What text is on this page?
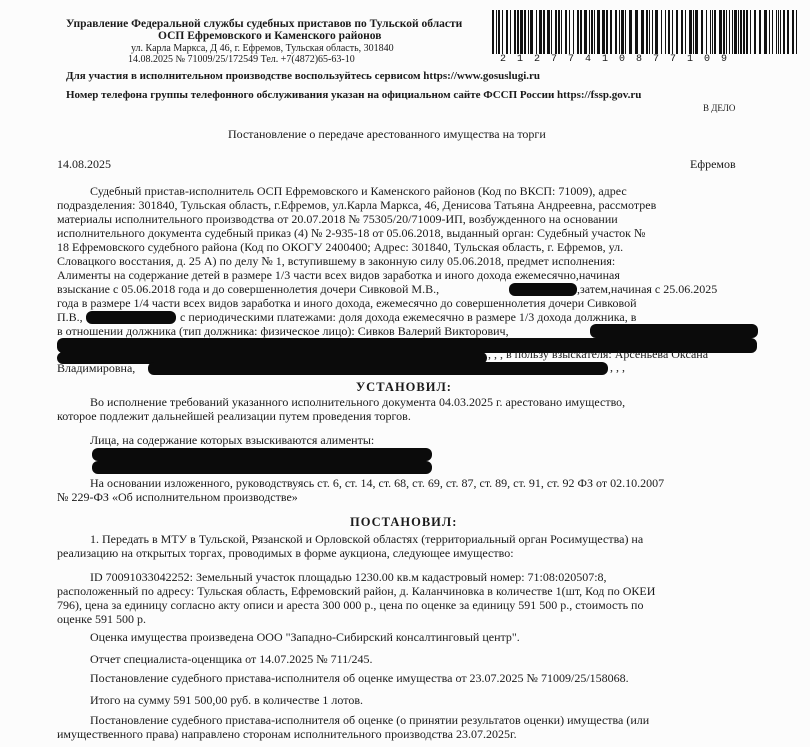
Управление Федеральной службы судебных приставов по Тульской области
ОСП Ефремовского и Каменского районов
ул. Карла Маркса, Д 46, г. Ефремов, Тульская область, 301840
14.08.2025 № 71009/25/172549 Тел. +7(4872)65-63-10	21277410877109
Для участия в исполнительном производстве воспользуйтесь сервисом https://www.gosuslugi.ru
Номер телефона группы телефонного обслуживания указан на официальном сайте ФССП России https://fssp.gov.ru
В ДЕЛО
Постановление о передаче арестованного имущества на торги
14.08.2025	Ефремов
Судебный пристав-исполнитель ОСП Ефремовского и Каменского районов (Код по ВКСП: 71009), адрес
подразделения: 301840, Тульская область, г.Ефремов, ул.Карла Маркса, 46, Денисова Татьяна Андреевна, рассмотрев
материалы исполнительного производства от 20.07.2018 № 75305/20/71009-ИП, возбужденного на основании
исполнительного документа судебный приказ (4) № 2-935-18 от 05.06.2018, выданный орган: Судебный участок №
18 Ефремовского судебного района (Код по ОКОГУ 2400400; Адрес: 301840, Тульская область, г. Ефремов, ул.
Словацкого восстания, д. 25 А) по делу № 1, вступившему в законную силу 05.06.2018, предмет исполнения:
Алименты на содержание детей в размере 1/3 части всех видов заработка и иного дохода ежемесячно,начиная
взыскание с 05.06.2018 года и до совершеннолетия дочери Сивковой М.В.,	,затем,начиная с 25.06.2025
года в размере 1/4 части всех видов заработка и иного дохода, ежемесячно до совершеннолетия дочери Сивковой
П.В.,	с периодическими платежами: доля дохода ежемесячно в размере 1/3 дохода должника, в
в отношении должника (тип должника: физическое лицо): Сивков Валерий Викторович,
, , , в пользу взыскателя: Арсеньева Оксана
Владимировна,	, , ,
УСТАНОВИЛ:
Во исполнение требований указанного исполнительного документа 04.03.2025 г. арестовано имущество,
которое подлежит дальнейшей реализации путем проведения торгов.
Лица, на содержание которых взыскиваются алименты:
На основании изложенного, руководствуясь ст. 6, ст. 14, ст. 68, ст. 69, ст. 87, ст. 89, ст. 91, ст. 92 ФЗ от 02.10.2007
№ 229-ФЗ «Об исполнительном производстве»
ПОСТАНОВИЛ:
1. Передать в МТУ в Тульской, Рязанской и Орловской областях (территориальный орган Росимущества) на
реализацию на открытых торгах, проводимых в форме аукциона, следующее имущество:
ID 70091033042252: Земельный участок площадью 1230.00 кв.м кадастровый номер: 71:08:020507:8,
расположенный по адресу: Тульская область, Ефремовский район, д. Каланчиновка в количестве 1(шт, Код по ОКЕИ
796), цена за единицу согласно акту описи и ареста 300 000 р., цена по оценке за единицу 591 500 р., стоимость по
оценке 591 500 р.
Оценка имущества произведена ООО "Западно-Сибирский консалтинговый центр".
Отчет специалиста-оценщика от 14.07.2025 № 711/245.
Постановление судебного пристава-исполнителя об оценке имущества от 23.07.2025 № 71009/25/158068.
Итого на сумму 591 500,00 руб. в количестве 1 лотов.
Постановление судебного пристава-исполнителя об оценке (о принятии результатов оценки) имущества (или
имущественного права) направлено сторонам исполнительного производства 23.07.2025г.
